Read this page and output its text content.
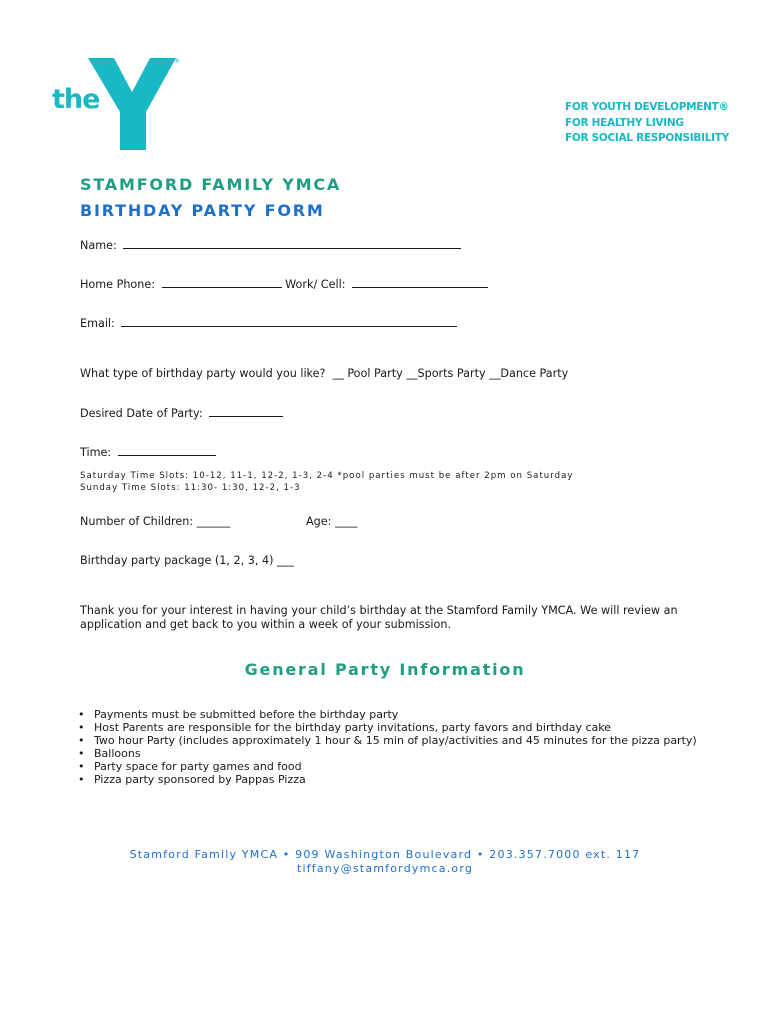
the
YMCA
®
FOR YOUTH DEVELOPMENT®
FOR HEALTHY LIVING
FOR SOCIAL RESPONSIBILITY
STAMFORD FAMILY YMCA
BIRTHDAY PARTY FORM
Name:
Home Phone:	Work/ Cell:
Email:
What type of birthday party would you like? __ Pool Party __Sports Party __Dance Party
Desired Date of Party:
Time:
Saturday Time Slots: 10-12, 11-1, 12-2, 1-3, 2-4 *pool parties must be after 2pm on Saturday
Sunday Time Slots: 11:30- 1:30, 12-2, 1-3
Number of Children: ______	Age: ____
Birthday party package (1, 2, 3, 4) ___
Thank you for your interest in having your child’s birthday at the Stamford Family YMCA. We will review an
application and get back to you within a week of your submission.
General Party Information
• Payments must be submitted before the birthday party
• Host Parents are responsible for the birthday party invitations, party favors and birthday cake
• Two hour Party (includes approximately 1 hour & 15 min of play/activities and 45 minutes for the pizza party)
• Balloons
• Party space for party games and food
• Pizza party sponsored by Pappas Pizza
Stamford Family YMCA • 909 Washington Boulevard • 203.357.7000 ext. 117
tiffany@stamfordymca.org
